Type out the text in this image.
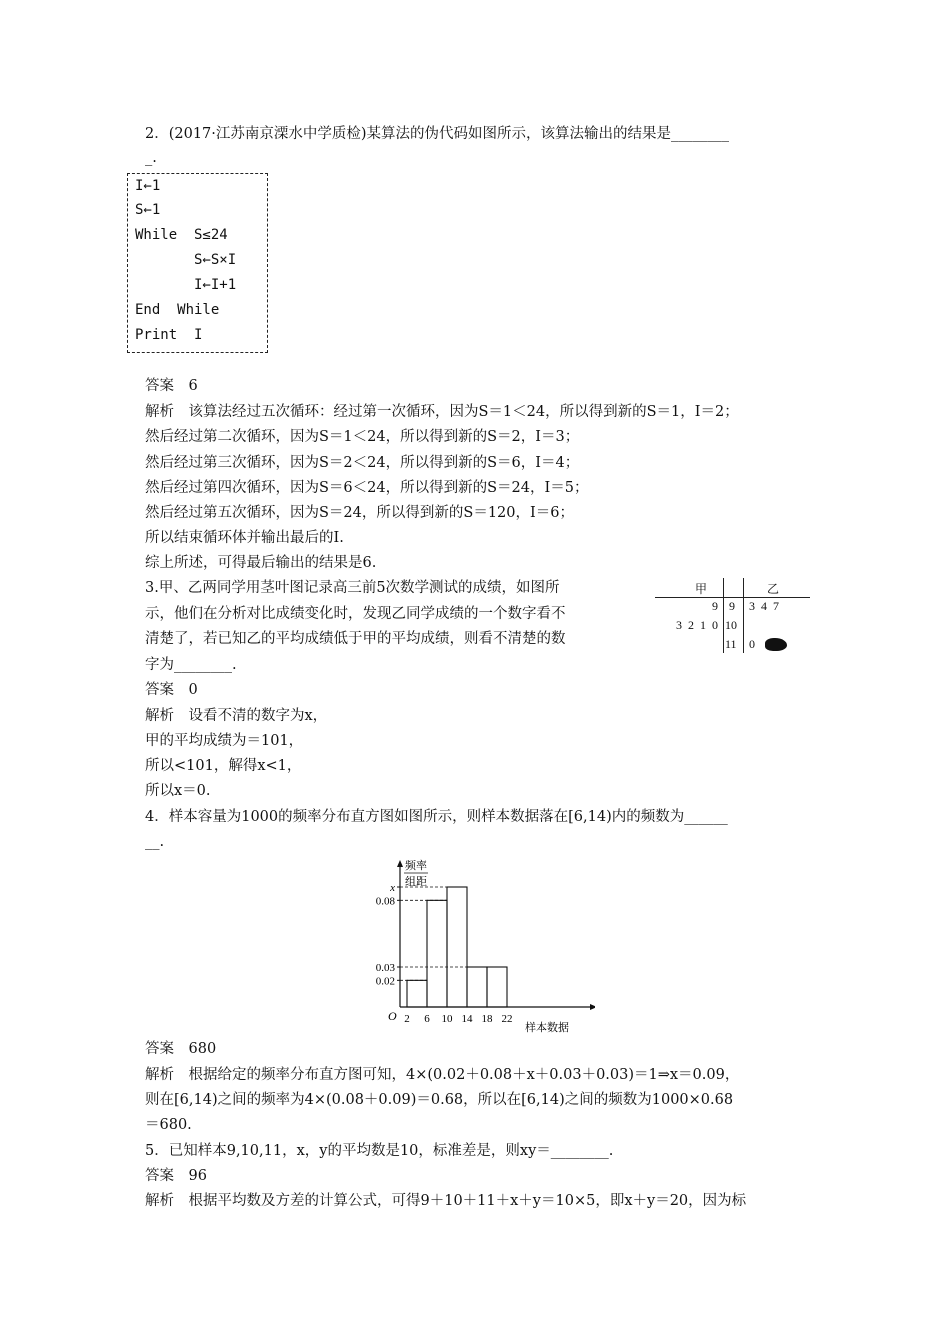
2．(2017·江苏南京溧水中学质检)某算法的伪代码如图所示，该算法输出的结果是________
_.
I←1
S←1
While  S≤24
S←S×I
I←I+1
End  While
Print  I
答案　6
解析　该算法经过五次循环：经过第一次循环，因为S＝1＜24，所以得到新的S＝1，I＝2；
然后经过第二次循环，因为S＝1＜24，所以得到新的S＝2，I＝3；
然后经过第三次循环，因为S＝2＜24，所以得到新的S＝6，I＝4；
然后经过第四次循环，因为S＝6＜24，所以得到新的S＝24，I＝5；
然后经过第五次循环，因为S＝24，所以得到新的S＝120，I＝6；
所以结束循环体并输出最后的I.
综上所述，可得最后输出的结果是6.
3.甲、乙两同学用茎叶图记录高三前5次数学测试的成绩，如图所
示，他们在分析对比成绩变化时，发现乙同学成绩的一个数字看不
清楚了，若已知乙的平均成绩低于甲的平均成绩，则看不清楚的数
字为________.
甲	乙
9 9 3  4  7
3  2  1  0 10
11 0
答案　0
解析　设看不清的数字为x，
甲的平均成绩为＝101，
所以<101，解得x<1，
所以x＝0.
4．样本容量为1000的频率分布直方图如图所示，则样本数据落在[6,14)内的频数为______
__.
O
频率
组距
样本数据
x
0.08
0.03
0.02
2 6 10 14 18 22
答案　680
解析　根据给定的频率分布直方图可知，4×(0.02＋0.08＋x＋0.03＋0.03)＝1⇒x＝0.09，
则在[6,14)之间的频率为4×(0.08＋0.09)＝0.68，所以在[6,14)之间的频数为1000×0.68
＝680.
5．已知样本9,10,11，x，y的平均数是10，标准差是，则xy＝________.
答案　96
解析　根据平均数及方差的计算公式，可得9＋10＋11＋x＋y＝10×5，即x＋y＝20，因为标
